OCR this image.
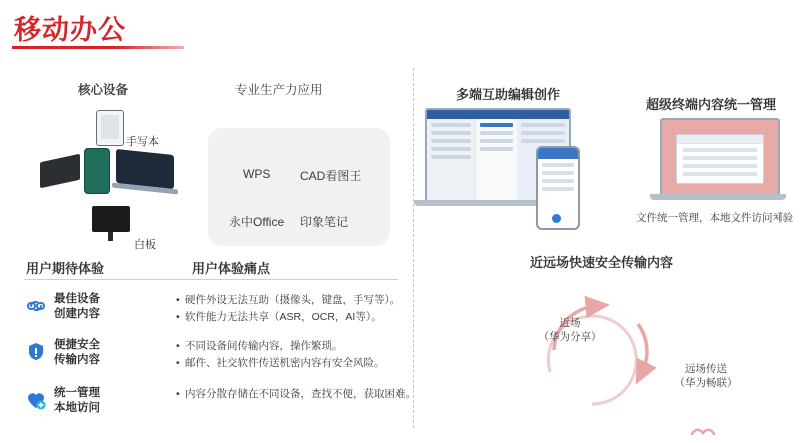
移动办公
核心设备	专业生产力应用
手写本
白板
WPS CAD看图王
永中Office 印象笔记
用户期待体验	用户体验痛点
最佳设备
创建内容
• 硬件外设无法互助（摄像头，键盘，手写等）。
• 软件能力无法共享（ASR，OCR，AI等）。
便捷安全
传输内容
• 不同设备间传输内容，操作繁琐。
• 邮件、社交软件传送机密内容有安全风险。
统一管理
本地访问
• 内容分散存储在不同设备，查找不便，获取困难。
多端互助编辑创作
超级终端内容统一管理
文件统一管理，本地文件访问체验
近远场快速安全传输内容
近场
（华为分享）
远场传送
（华为畅联）
